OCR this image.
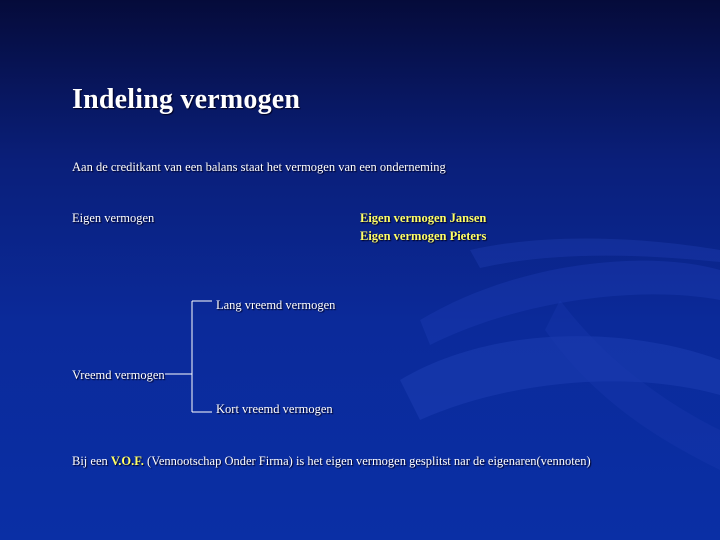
Indeling vermogen
Aan de creditkant van een balans staat het vermogen van een onderneming
Eigen vermogen	Eigen vermogen Jansen
Eigen vermogen Pieters
Lang vreemd vermogen
Vreemd vermogen
Kort vreemd vermogen
Bij een V.O.F. (Vennootschap Onder Firma) is het eigen vermogen gesplitst nar de eigenaren(vennoten)
